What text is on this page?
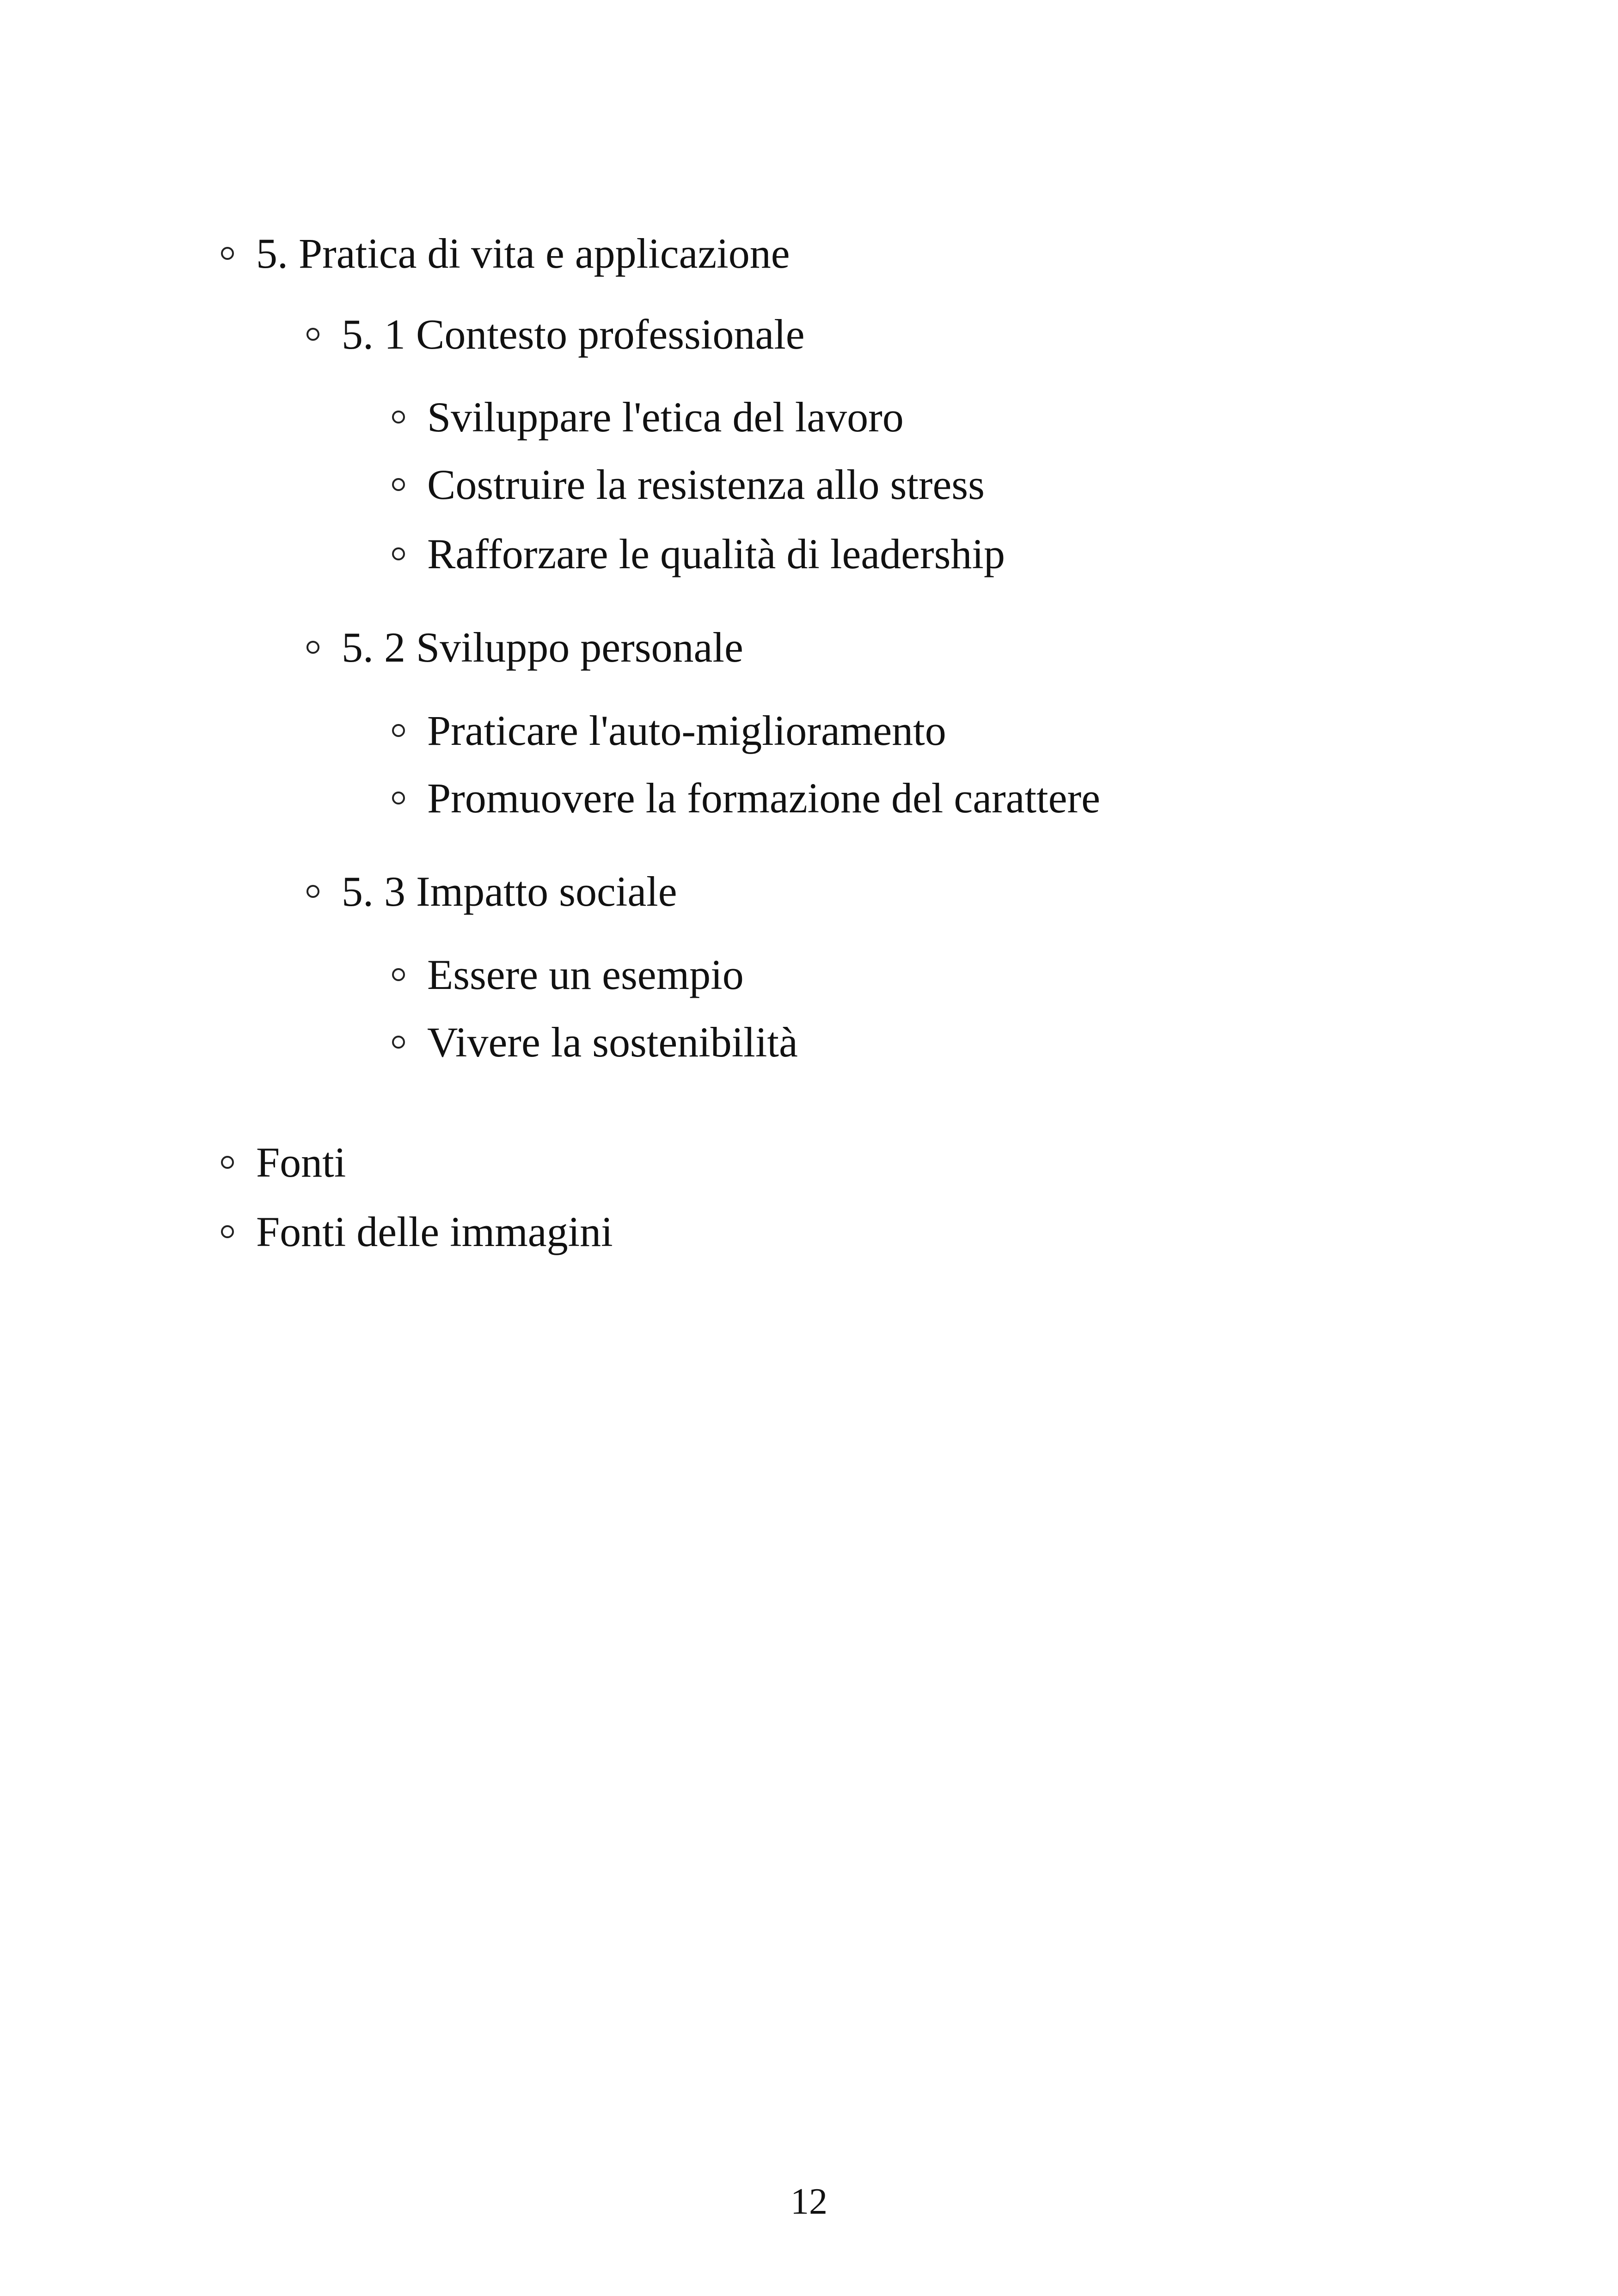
5. Pratica di vita e applicazione
5. 1 Contesto professionale
Sviluppare l'etica del lavoro
Costruire la resistenza allo stress
Rafforzare le qualità di leadership
5. 2 Sviluppo personale
Praticare l'auto-miglioramento
Promuovere la formazione del carattere
5. 3 Impatto sociale
Essere un esempio
Vivere la sostenibilità
Fonti
Fonti delle immagini
12
